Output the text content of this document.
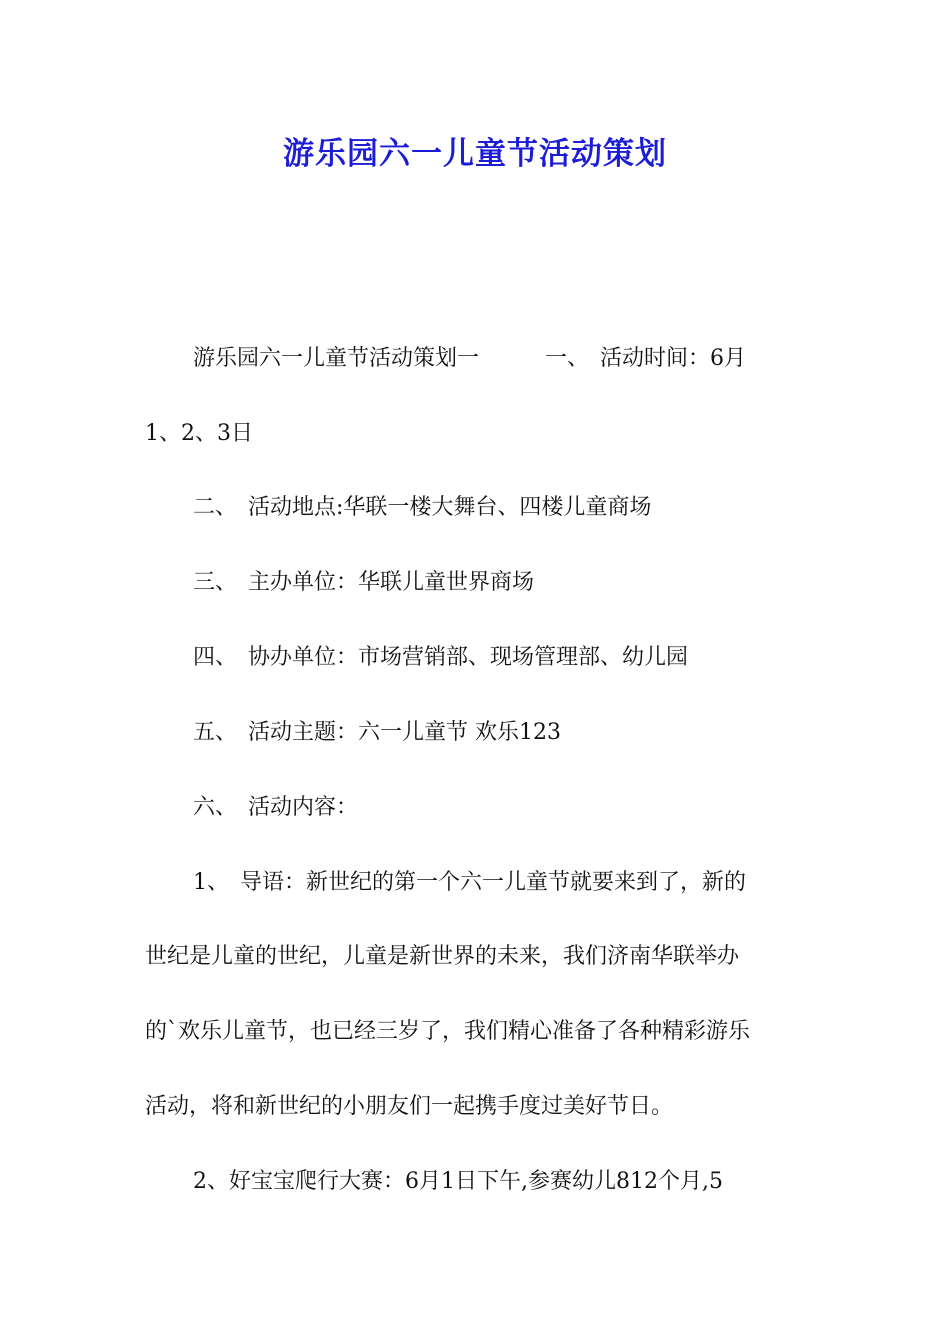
游乐园六一儿童节活动策划
游乐园六一儿童节活动策划一　　　一、　活动时间：6月
1、2、3日
二、　活动地点:华联一楼大舞台、四楼儿童商场
三、　主办单位：华联儿童世界商场
四、　协办单位：市场营销部、现场管理部、幼儿园
五、　活动主题：六一儿童节 欢乐123
六、　活动内容：
1、　导语：新世纪的第一个六一儿童节就要来到了，新的
世纪是儿童的世纪，儿童是新世界的未来，我们济南华联举办
的`欢乐儿童节，也已经三岁了，我们精心准备了各种精彩游乐
活动，将和新世纪的小朋友们一起携手度过美好节日。
2、好宝宝爬行大赛：6月1日下午,参赛幼儿812个月,5
